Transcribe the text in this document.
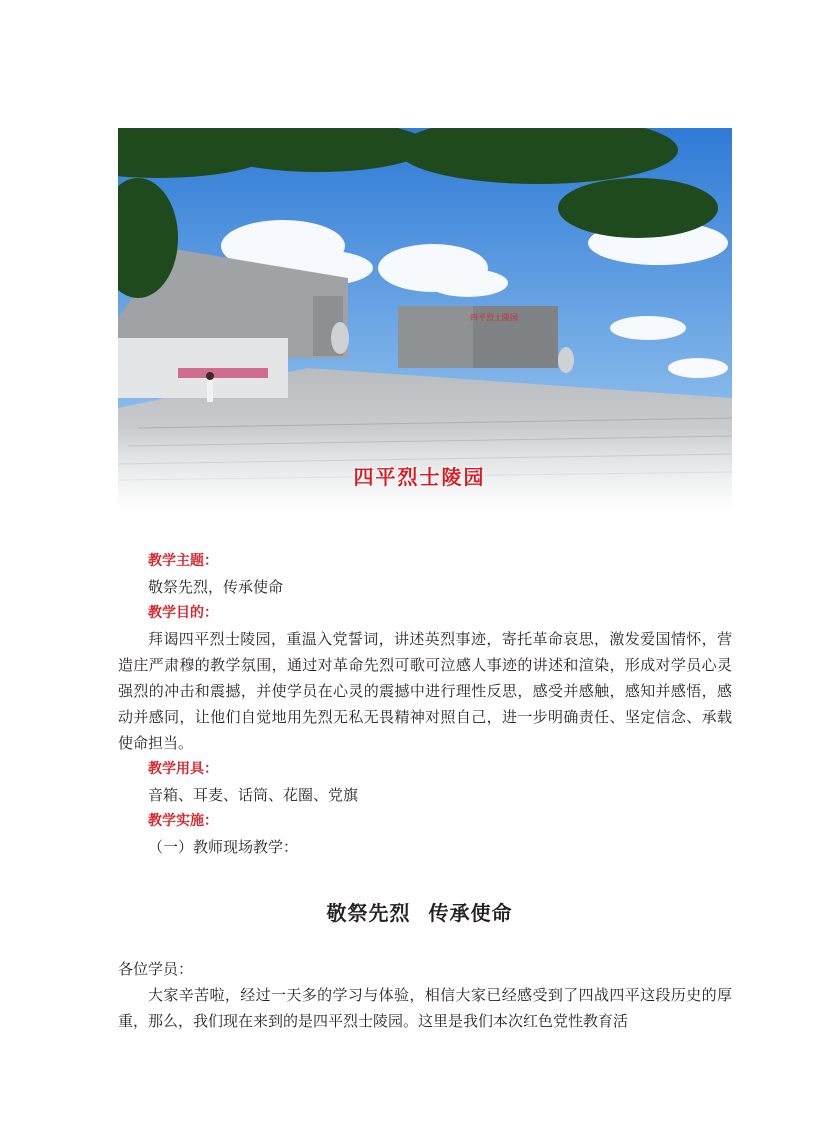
四平烈士陵园
四平烈士陵园
教学主题：
敬祭先烈，传承使命
教学目的：
拜谒四平烈士陵园，重温入党誓词，讲述英烈事迹，寄托革命哀思，激发爱国情怀，营造庄严肃穆的教学氛围，通过对革命先烈可歌可泣感人事迹的讲述和渲染，形成对学员心灵强烈的冲击和震撼，并使学员在心灵的震撼中进行理性反思，感受并感触，感知并感悟，感动并感同，让他们自觉地用先烈无私无畏精神对照自己，进一步明确责任、坚定信念、承载使命担当。
教学用具：
音箱、耳麦、话筒、花圈、党旗
教学实施：
（一）教师现场教学：
敬祭先烈 传承使命
各位学员：
大家辛苦啦，经过一天多的学习与体验，相信大家已经感受到了四战四平这段历史的厚重，那么，我们现在来到的是四平烈士陵园。这里是我们本次红色党性教育活
